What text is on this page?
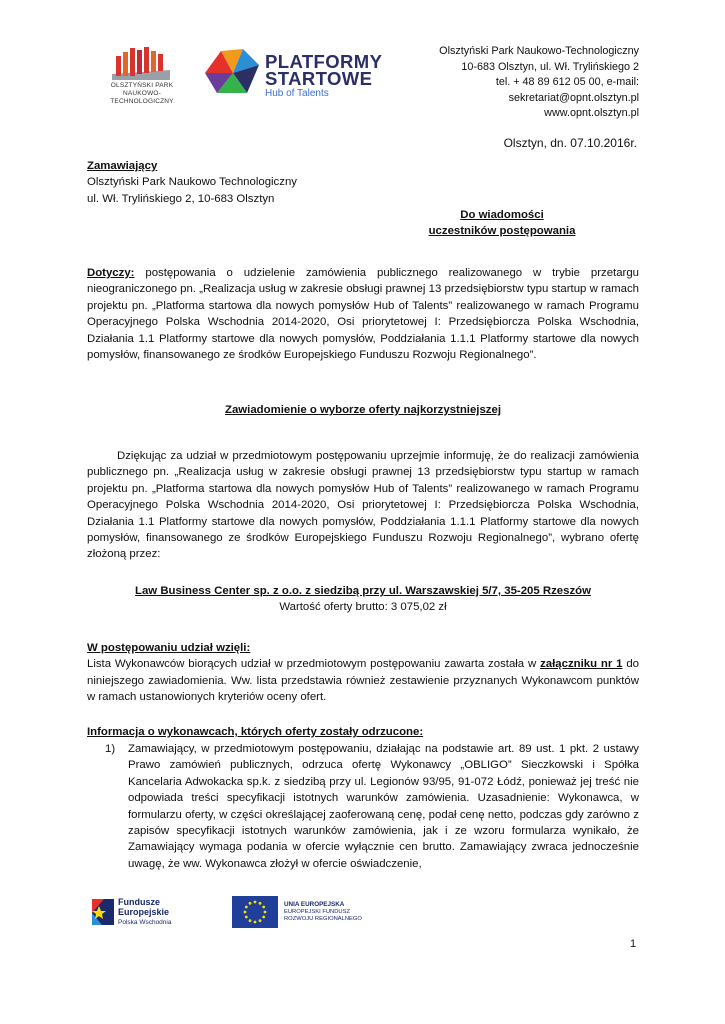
OLSZTYŃSKI PARK NAUKOWO-TECHNOLOGICZNY
PLATFORMY
STARTOWE
Hub of Talents
Olsztyński Park Naukowo-Technologiczny
10-683 Olsztyn, ul. Wł. Trylińskiego 2
tel. + 48 89 612 05 00, e-mail:
sekretariat@opnt.olsztyn.pl
www.opnt.olsztyn.pl
Olsztyn, dn. 07.10.2016r.
Zamawiający
Olsztyński Park Naukowo Technologiczny
ul. Wł. Trylińskiego 2, 10-683 Olsztyn
Do wiadomości
uczestników postępowania
Dotyczy: postępowania o udzielenie zamówienia publicznego realizowanego w trybie przetargu nieograniczonego pn. „Realizacja usług w zakresie obsługi prawnej 13 przedsiębiorstw typu startup w ramach projektu pn. „Platforma startowa dla nowych pomysłów Hub of Talents” realizowanego w ramach Programu Operacyjnego Polska Wschodnia 2014-2020, Osi priorytetowej I: Przedsiębiorcza Polska Wschodnia, Działania 1.1 Platformy startowe dla nowych pomysłów, Poddziałania 1.1.1 Platformy startowe dla nowych pomysłów, finansowanego ze środków Europejskiego Funduszu Rozwoju Regionalnego”.
Zawiadomienie o wyborze oferty najkorzystniejszej
Dziękując za udział w przedmiotowym postępowaniu uprzejmie informuję, że do realizacji zamówienia publicznego pn. „Realizacja usług w zakresie obsługi prawnej 13 przedsiębiorstw typu startup w ramach projektu pn. „Platforma startowa dla nowych pomysłów Hub of Talents” realizowanego w ramach Programu Operacyjnego Polska Wschodnia 2014-2020, Osi priorytetowej I: Przedsiębiorcza Polska Wschodnia, Działania 1.1 Platformy startowe dla nowych pomysłów, Poddziałania 1.1.1 Platformy startowe dla nowych pomysłów, finansowanego ze środków Europejskiego Funduszu Rozwoju Regionalnego”, wybrano ofertę złożoną przez:
Law Business Center sp. z o.o. z siedzibą przy ul. Warszawskiej 5/7, 35-205 Rzeszów
Wartość oferty brutto: 3 075,02 zł
W postępowaniu udział wzięli:
Lista Wykonawców biorących udział w przedmiotowym postępowaniu zawarta została w załączniku nr 1 do niniejszego zawiadomienia. Ww. lista przedstawia również zestawienie przyznanych Wykonawcom punktów w ramach ustanowionych kryteriów oceny ofert.
Informacja o wykonawcach, których oferty zostały odrzucone:
1) Zamawiający, w przedmiotowym postępowaniu, działając na podstawie art. 89 ust. 1 pkt. 2 ustawy Prawo zamówień publicznych, odrzuca ofertę Wykonawcy „OBLIGO” Sieczkowski i Spółka Kancelaria Adwokacka sp.k. z siedzibą przy ul. Legionów 93/95, 91-072 Łódź, ponieważ jej treść nie odpowiada treści specyfikacji istotnych warunków zamówienia. Uzasadnienie: Wykonawca, w formularzu oferty, w części określającej zaoferowaną cenę, podał cenę netto, podczas gdy zarówno z zapisów specyfikacji istotnych warunków zamówienia, jak i ze wzoru formularza wynikało, że Zamawiający wymaga podania w ofercie wyłącznie cen brutto. Zamawiający zwraca jednocześnie uwagę, że ww. Wykonawca złożył w ofercie oświadczenie,
Fundusze
Europejskie
Polska Wschodnia
UNIA EUROPEJSKA
EUROPEJSKI FUNDUSZ
ROZWOJU REGIONALNEGO
1
